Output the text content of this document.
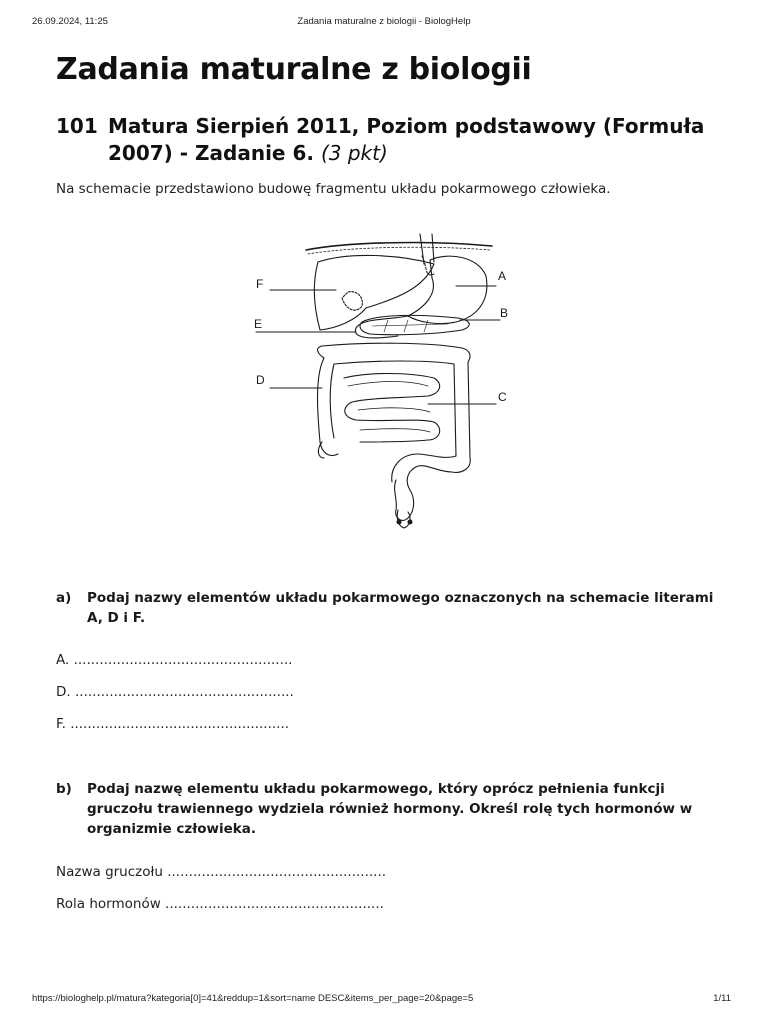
26.09.2024, 11:25	Zadania maturalne z biologii - BiologHelp
Zadania maturalne z biologii
101 Matura Sierpień 2011, Poziom podstawowy (Formuła 2007) - Zadanie 6. (3 pkt)
Na schemacie przedstawiono budowę fragmentu układu pokarmowego człowieka.
A
B
C
D
E
F
a) Podaj nazwy elementów układu pokarmowego oznaczonych na schemacie literami A, D i F.
A. ...................................................
D. ...................................................
F. ...................................................
b) Podaj nazwę elementu układu pokarmowego, który oprócz pełnienia funkcji gruczołu trawiennego wydziela również hormony. Określ rolę tych hormonów w organizmie człowieka.
Nazwa gruczołu ...................................................
Rola hormonów ...................................................
https://biologhelp.pl/matura?kategoria[0]=41&reddup=1&sort=name DESC&items_per_page=20&page=5	1/11
